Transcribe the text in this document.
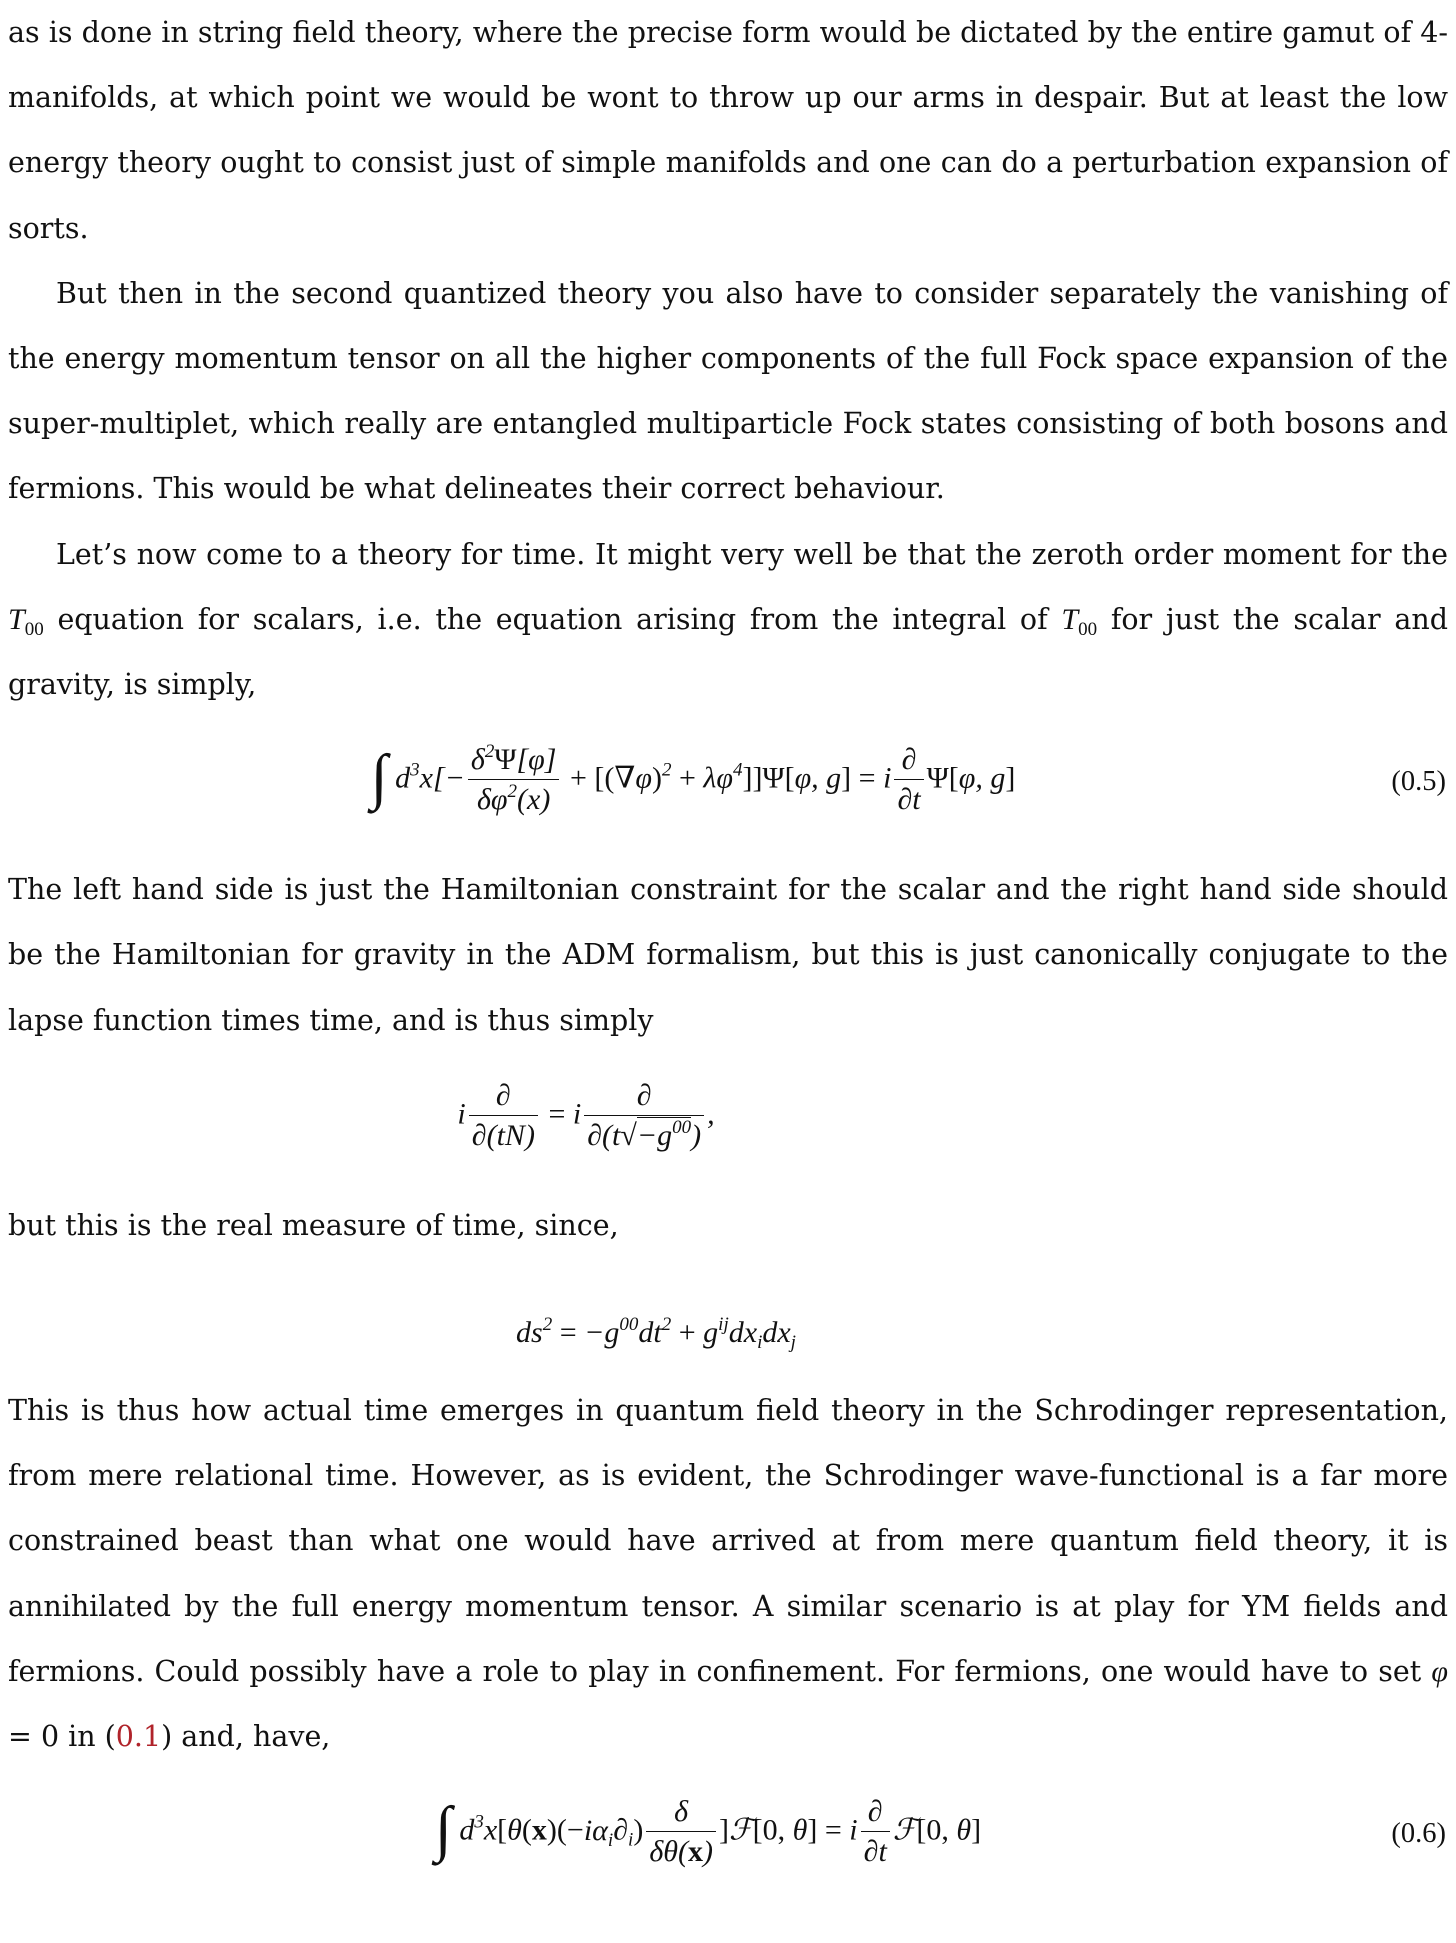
as is done in string field theory, where the precise form would be dictated by the entire gamut of 4-manifolds, at which point we would be wont to throw up our arms in despair. But at least the low energy theory ought to consist just of simple manifolds and one can do a perturbation expansion of sorts.

But then in the second quantized theory you also have to consider separately the vanishing of the energy momentum tensor on all the higher components of the full Fock space expansion of the super-multiplet, which really are entangled multiparticle Fock states consisting of both bosons and fermions. This would be what delineates their correct behaviour.

Let’s now come to a theory for time. It might very well be that the zeroth order moment for the $T_{00}$ equation for scalars, i.e. the equation arising from the integral of $T_{00}$ for just the scalar and gravity, is simply,

∫ $d^3x[- \frac{\delta^2\Psi[\varphi]}{\delta\varphi^2(x)} + [(\nabla\varphi)^2 + \lambda\varphi^4]]\Psi[\varphi$, g] = i $\frac{\partial}{\partial t} \Psi[\varphi$, g]	(0.5)

The left hand side is just the Hamiltonian constraint for the scalar and the right hand side should be the Hamiltonian for gravity in the ADM formalism, but this is just canonically conjugate to the lapse function times time, and is thus simply

i $\frac{\partial}{\partial(tN)} = i \frac{\partial}{\partial(t√-g^{00})}$ ,

but this is the real measure of time, since,

$ds^2 = -g^{00}dt^2 + g^{ij}dx_idx_j$

This is thus how actual time emerges in quantum field theory in the Schrodinger representation, from mere relational time. However, as is evident, the Schrodinger wave-functional is a far more constrained beast than what one would have arrived at from mere quantum field theory, it is annihilated by the full energy momentum tensor. A similar scenario is at play for YM fields and fermions. Could possibly have a role to play in confinement. For fermions, one would have to set φ = 0 in (0.1) and, have,

∫ $d^3x[\theta(x)(-i\alpha_i\partial_i) \frac{\delta}{\delta\theta(x)}$ ]ℱ[0, θ] = i $\frac{\partial}{\partial t}$ ℱ[0, θ]	(0.6)
